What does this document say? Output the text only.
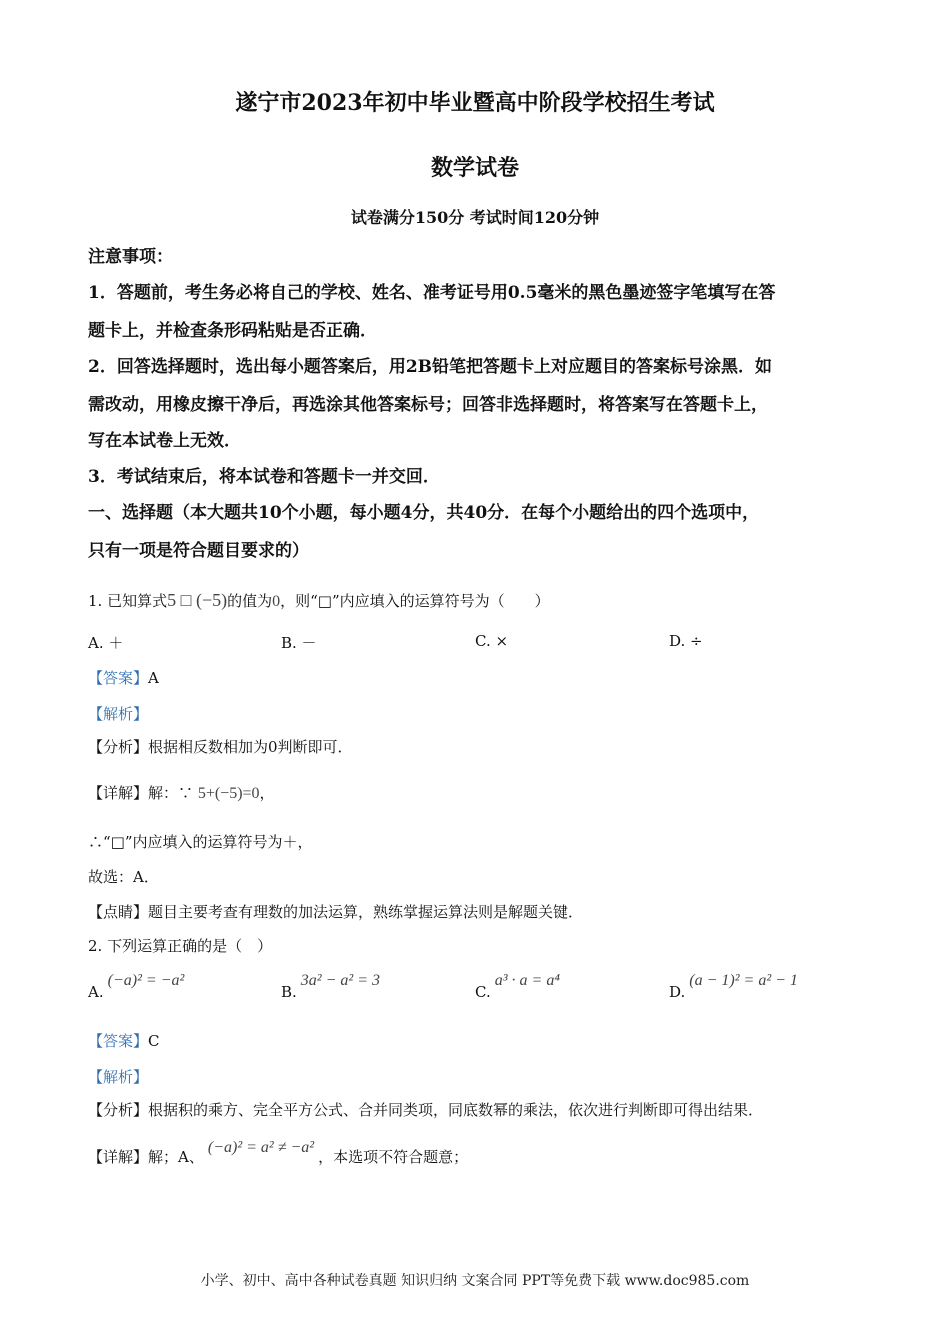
遂宁市2023年初中毕业暨高中阶段学校招生考试
数学试卷
试卷满分150分 考试时间120分钟
注意事项：
1．答题前，考生务必将自己的学校、姓名、准考证号用0.5毫米的黑色墨迹签字笔填写在答
题卡上，并检查条形码粘贴是否正确．
2．回答选择题时，选出每小题答案后，用2B铅笔把答题卡上对应题目的答案标号涂黑．如
需改动，用橡皮擦干净后，再选涂其他答案标号；回答非选择题时，将答案写在答题卡上，
写在本试卷上无效．
3．考试结束后，将本试卷和答题卡一并交回．
一、选择题（本大题共10个小题，每小题4分，共40分．在每个小题给出的四个选项中，
只有一项是符合题目要求的）
1. 已知算式5 □ (−5)的值为0，则“□”内应填入的运算符号为（　　）
A. ＋	B. －	C. ×	D. ÷
【答案】A
【解析】
【分析】根据相反数相加为0判断即可．
【详解】解：∵ 5+(−5)=0，
∴“□”内应填入的运算符号为＋，
故选：A．
【点睛】题目主要考查有理数的加法运算，熟练掌握运算法则是解题关键．
2. 下列运算正确的是（　）
A.(−a)² = −a²
B.3a² − a² = 3
C.a³ · a = a⁴
D.(a − 1)² = a² − 1
【答案】C
【解析】
【分析】根据积的乘方、完全平方公式、合并同类项，同底数幂的乘法，依次进行判断即可得出结果．
【详解】解；A、(−a)² = a² ≠ −a²，本选项不符合题意；
小学、初中、高中各种试卷真题 知识归纳 文案合同 PPT等免费下载 www.doc985.com
